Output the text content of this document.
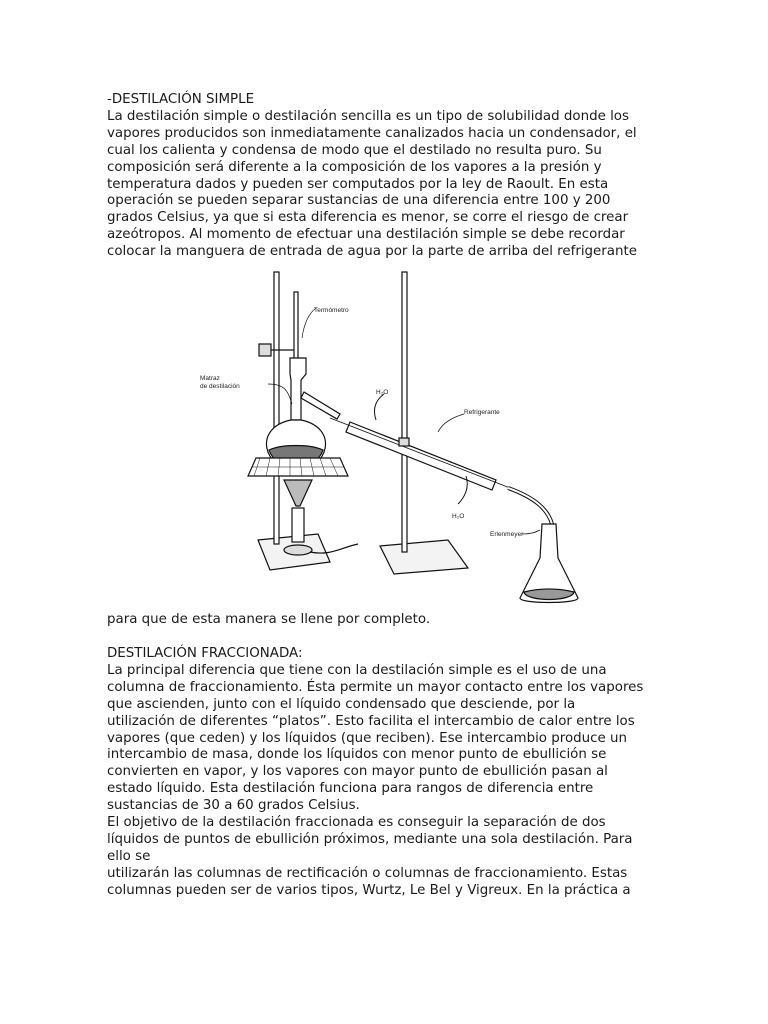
-DESTILACIÓN SIMPLE
La destilación simple o destilación sencilla es un tipo de solubilidad donde los
vapores producidos son inmediatamente canalizados hacia un condensador, el
cual los calienta y condensa de modo que el destilado no resulta puro. Su
composición será diferente a la composición de los vapores a la presión y
temperatura dados y pueden ser computados por la ley de Raoult. En esta
operación se pueden separar sustancias de una diferencia entre 100 y 200
grados Celsius, ya que si esta diferencia es menor, se corre el riesgo de crear
azeótropos. Al momento de efectuar una destilación simple se debe recordar
colocar la manguera de entrada de agua por la parte de arriba del refrigerante
Termómetro
Matraz
de destilación
H₂O
Refrigerante
H₂O
Erlenmeyer
para que de esta manera se llene por completo.
DESTILACIÓN FRACCIONADA:
La principal diferencia que tiene con la destilación simple es el uso de una
columna de fraccionamiento. Ésta permite un mayor contacto entre los vapores
que ascienden, junto con el líquido condensado que desciende, por la
utilización de diferentes “platos”. Esto facilita el intercambio de calor entre los
vapores (que ceden) y los líquidos (que reciben). Ese intercambio produce un
intercambio de masa, donde los líquidos con menor punto de ebullición se
convierten en vapor, y los vapores con mayor punto de ebullición pasan al
estado líquido. Esta destilación funciona para rangos de diferencia entre
sustancias de 30 a 60 grados Celsius.
El objetivo de la destilación fraccionada es conseguir la separación de dos
líquidos de puntos de ebullición próximos, mediante una sola destilación. Para
ello se
utilizarán las columnas de rectificación o columnas de fraccionamiento. Estas
columnas pueden ser de varios tipos, Wurtz, Le Bel y Vigreux. En la práctica a
